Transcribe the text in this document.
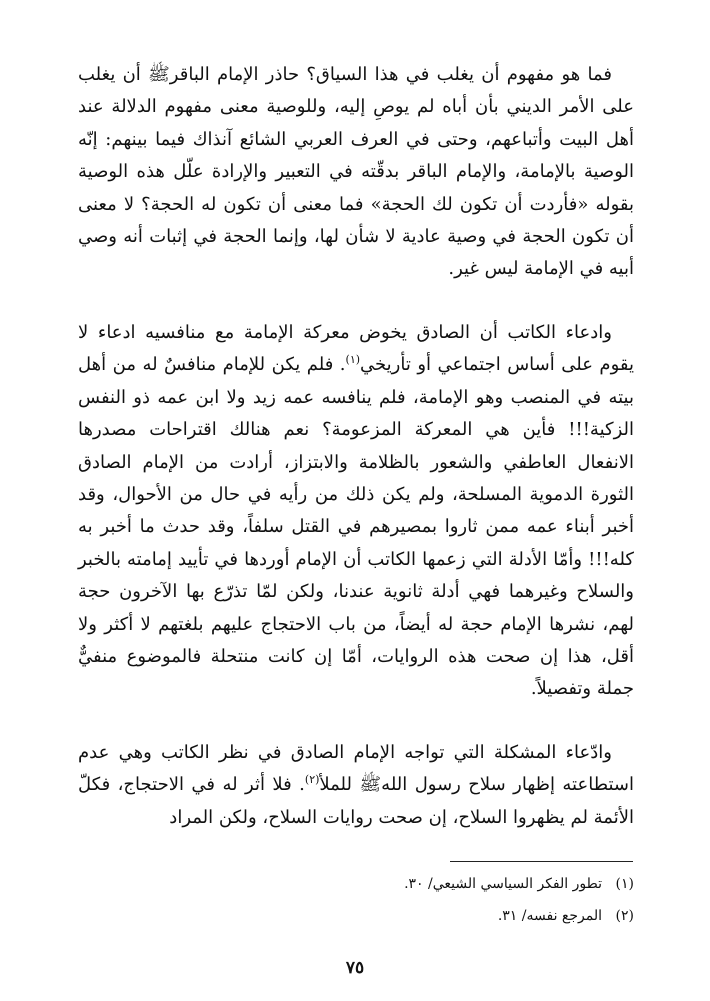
فما هو مفهوم أن يغلب في هذا السياق؟ حاذر الإمام الباقرﷺ أن يغلب على الأمر الديني بأن أباه لم يوصِ إليه، وللوصية معنى مفهوم الدلالة عند أهل البيت وأتباعهم، وحتى في العرف العربي الشائع آنذاك فيما بينهم: إنّه الوصية بالإمامة، والإمام الباقر بدقّته في التعبير والإرادة علّل هذه الوصية بقوله «فأردت أن تكون لك الحجة» فما معنى أن تكون له الحجة؟ لا معنى أن تكون الحجة في وصية عادية لا شأن لها، وإنما الحجة في إثبات أنه وصي أبيه في الإمامة ليس غير.

وادعاء الكاتب أن الصادق يخوض معركة الإمامة مع منافسيه ادعاء لا يقوم على أساس اجتماعي أو تأريخي$^{(١)}$. فلم يكن للإمام منافسٌ له من أهل بيته في المنصب وهو الإمامة، فلم ينافسه عمه زيد ولا ابن عمه ذو النفس الزكية!!! فأين هي المعركة المزعومة؟ نعم هنالك اقتراحات مصدرها الانفعال العاطفي والشعور بالظلامة والابتزاز، أرادت من الإمام الصادق الثورة الدموية المسلحة، ولم يكن ذلك من رأيه في حال من الأحوال، وقد أخبر أبناء عمه ممن ثاروا بمصيرهم في القتل سلفاً، وقد حدث ما أخبر به كله!!! وأمّا الأدلة التي زعمها الكاتب أن الإمام أوردها في تأييد إمامته بالخبر والسلاح وغيرهما فهي أدلة ثانوية عندنا، ولكن لمّا تذرّع بها الآخرون حجة لهم، نشرها الإمام حجة له أيضاً، من باب الاحتجاج عليهم بلغتهم لا أكثر ولا أقل، هذا إن صحت هذه الروايات، أمّا إن كانت منتحلة فالموضوع منفيٌّ جملة وتفصيلاً.

وادّعاء المشكلة التي تواجه الإمام الصادق في نظر الكاتب وهي عدم استطاعته إظهار سلاح رسول اللهﷺ للملأ$^{(٢)}$. فلا أثر له في الاحتجاج، فكلّ الأئمة لم يظهروا السلاح، إن صحت روايات السلاح، ولكن المراد

(١)تطور الفكر السياسي الشيعي/ ٣٠.
(٢)المرجع نفسه/ ٣١.
٧٥
